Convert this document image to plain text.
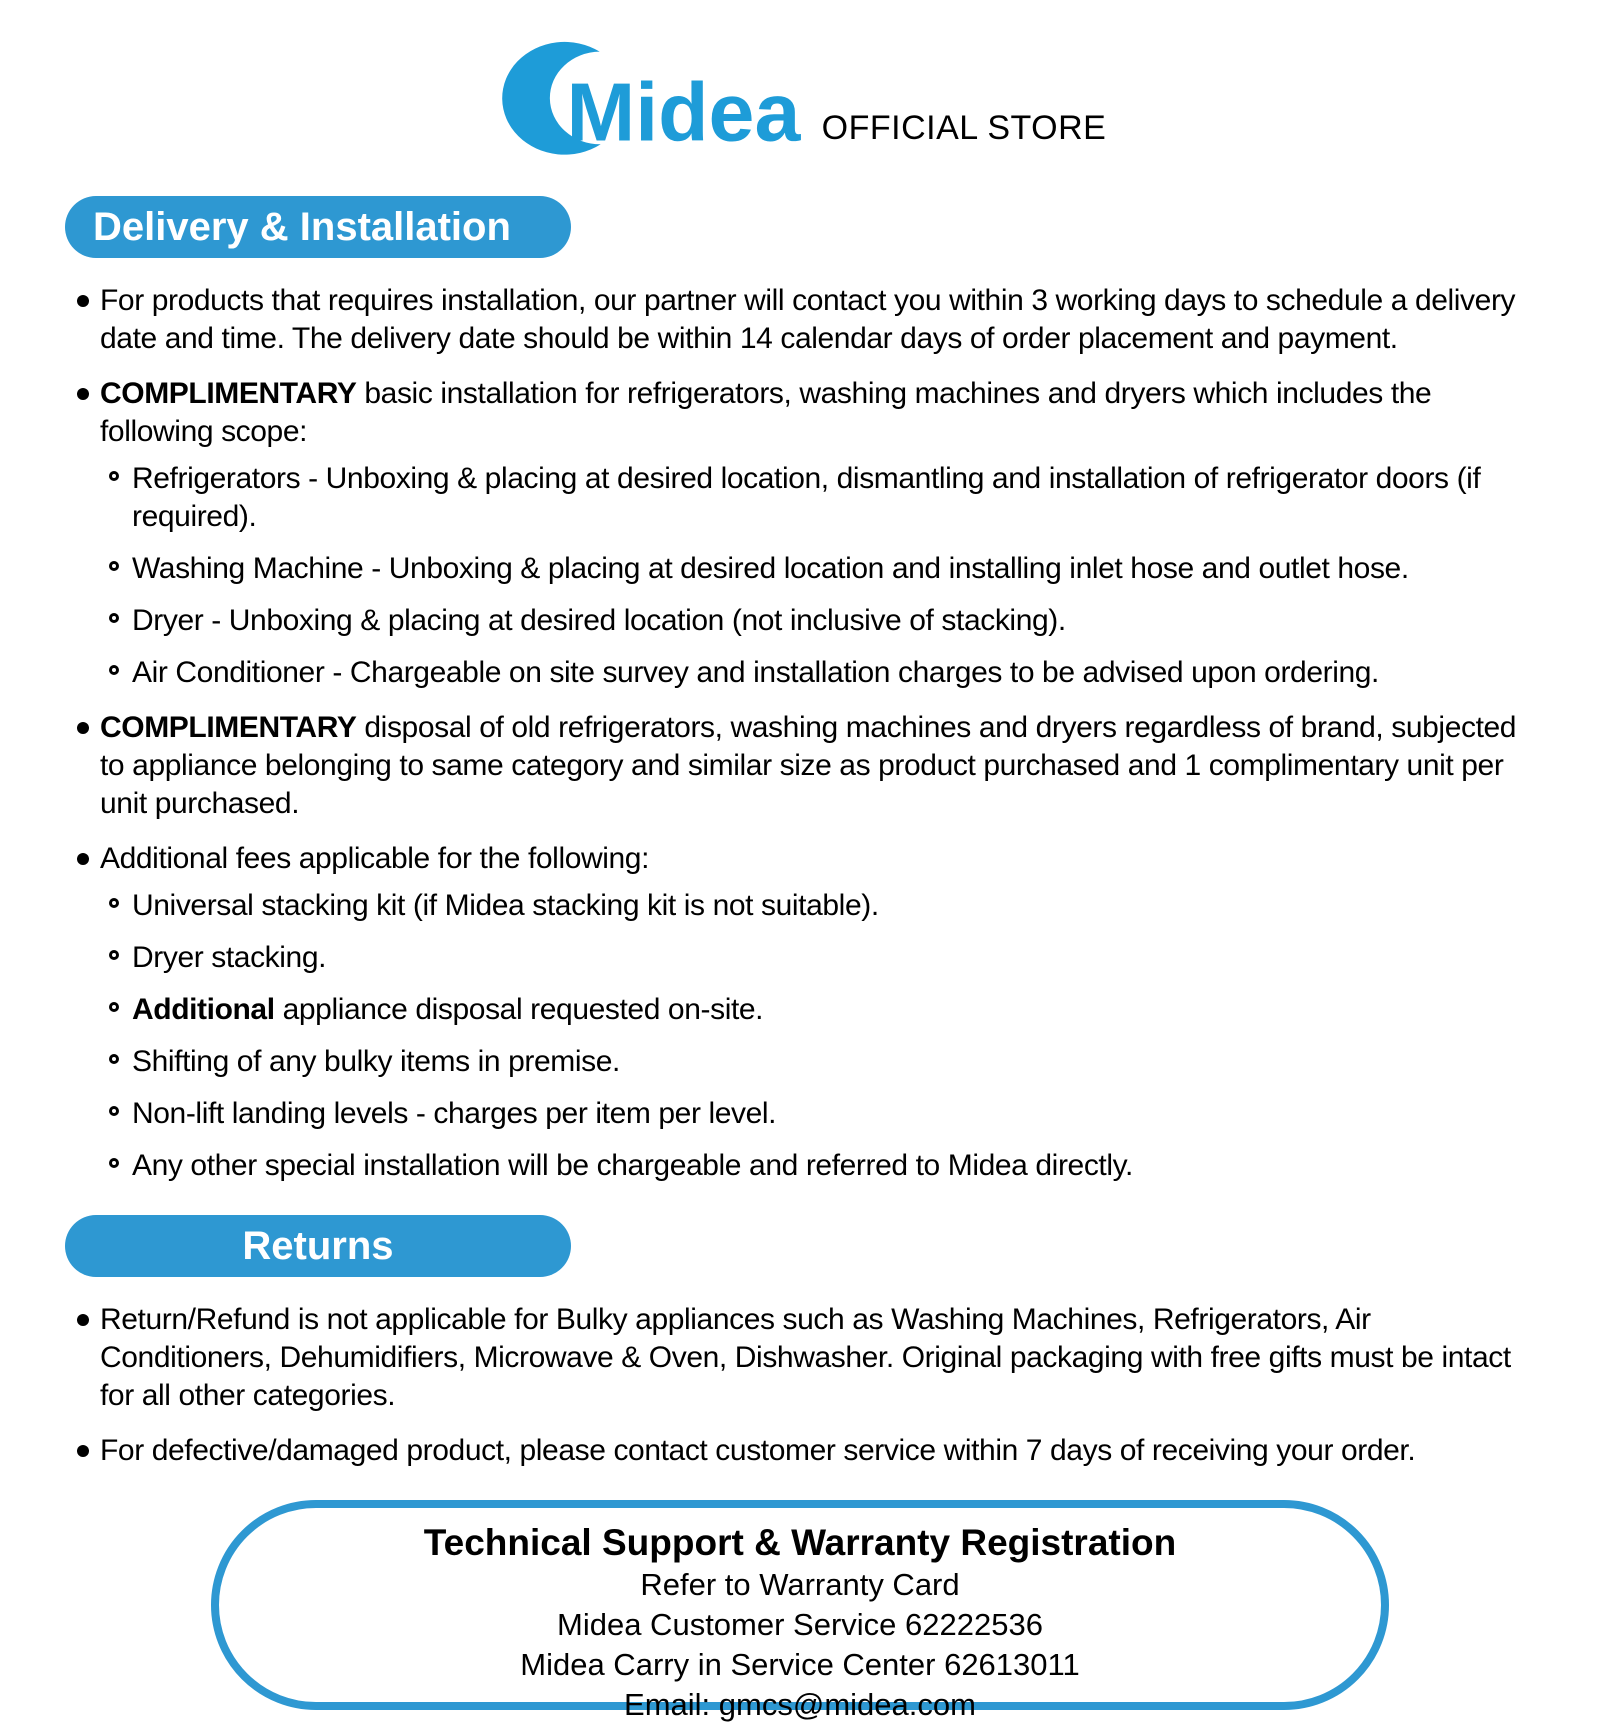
Midea OFFICIAL STORE
Delivery & Installation
For products that requires installation, our partner will contact you within 3 working days to schedule a delivery date and time. The delivery date should be within 14 calendar days of order placement and payment.
COMPLIMENTARY basic installation for refrigerators, washing machines and dryers which includes the following scope:
Refrigerators - Unboxing & placing at desired location, dismantling and installation of refrigerator doors (if required).
Washing Machine - Unboxing & placing at desired location and installing inlet hose and outlet hose.
Dryer - Unboxing & placing at desired location (not inclusive of stacking).
Air Conditioner - Chargeable on site survey and installation charges to be advised upon ordering.
COMPLIMENTARY disposal of old refrigerators, washing machines and dryers regardless of brand, subjected to appliance belonging to same category and similar size as product purchased and 1 complimentary unit per unit purchased.
Additional fees applicable for the following:
Universal stacking kit (if Midea stacking kit is not suitable).
Dryer stacking.
Additional appliance disposal requested on-site.
Shifting of any bulky items in premise.
Non-lift landing levels - charges per item per level.
Any other special installation will be chargeable and referred to Midea directly.
Returns
Return/Refund is not applicable for Bulky appliances such as Washing Machines, Refrigerators, Air Conditioners, Dehumidifiers, Microwave & Oven, Dishwasher. Original packaging with free gifts must be intact for all other categories.
For defective/damaged product, please contact customer service within 7 days of receiving your order.
Technical Support & Warranty Registration
Refer to Warranty Card
Midea Customer Service 62222536
Midea Carry in Service Center 62613011
Email: gmcs@midea.com
